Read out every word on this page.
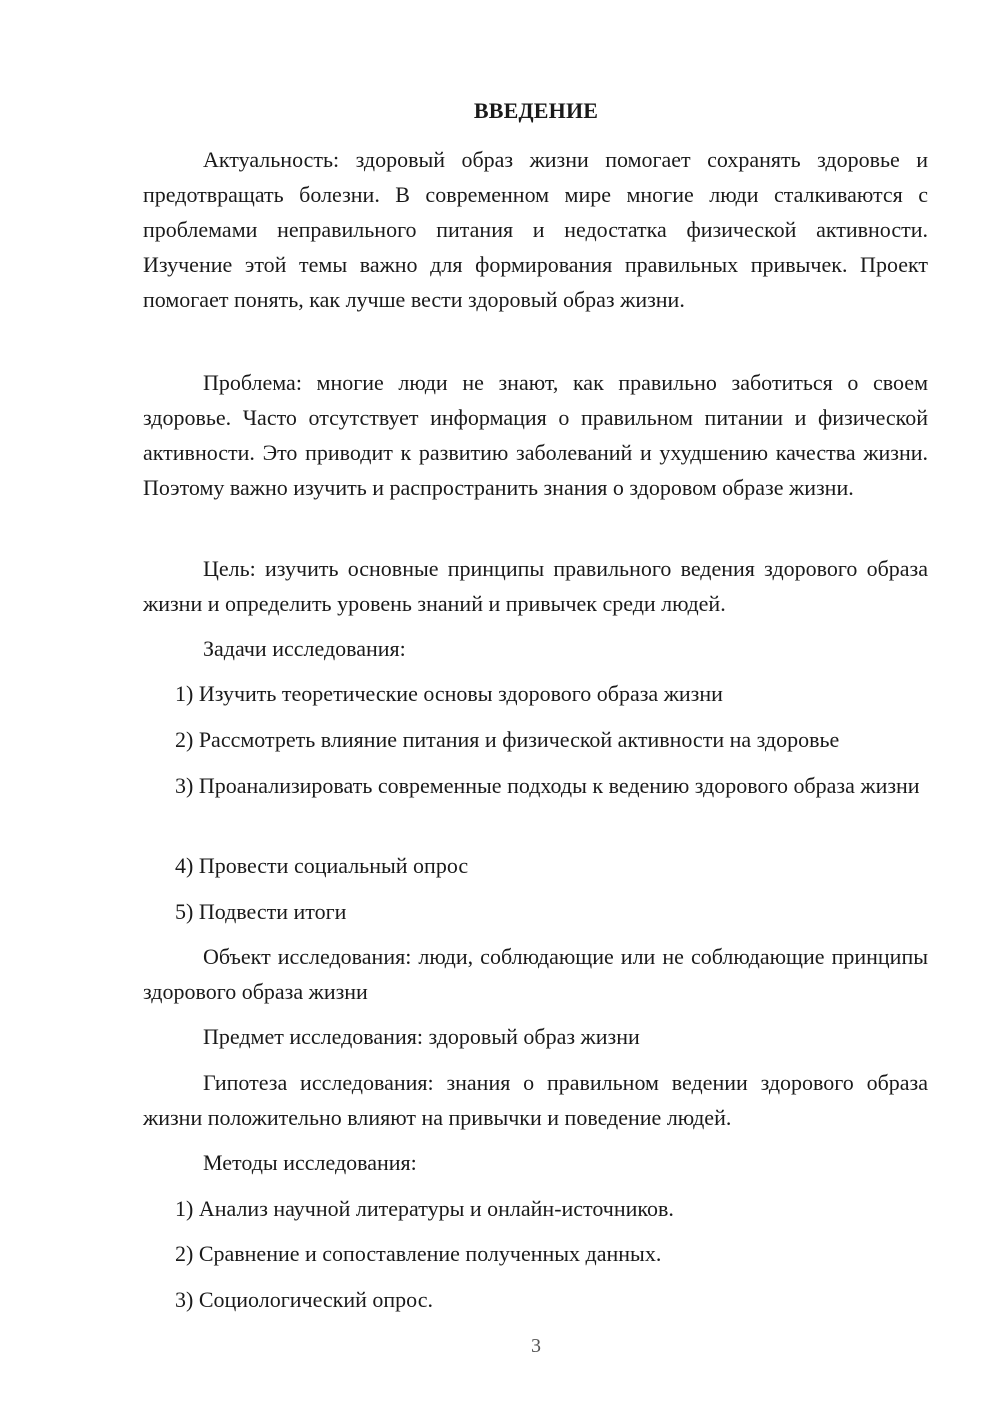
ВВЕДЕНИЕ

Актуальность: здоровый образ жизни помогает сохранять здоровье и предотвращать болезни. В современном мире многие люди сталкиваются с проблемами неправильного питания и недостатка физической активности. Изучение этой темы важно для формирования правильных привычек. Проект помогает понять, как лучше вести здоровый образ жизни.

Проблема: многие люди не знают, как правильно заботиться о своем здоровье. Часто отсутствует информация о правильном питании и физической активности. Это приводит к развитию заболеваний и ухудшению качества жизни. Поэтому важно изучить и распространить знания о здоровом образе жизни.

Цель: изучить основные принципы правильного ведения здорового образа жизни и определить уровень знаний и привычек среди людей.

Задачи исследования:

1) Изучить теоретические основы здорового образа жизни

2) Рассмотреть влияние питания и физической активности на здоровье

3) Проанализировать современные подходы к ведению здорового образа жизни

4) Провести социальный опрос

5) Подвести итоги

Объект исследования: люди, соблюдающие или не соблюдающие принципы здорового образа жизни

Предмет исследования: здоровый образ жизни

Гипотеза исследования: знания о правильном ведении здорового образа жизни положительно влияют на привычки и поведение людей.

Методы исследования:

1) Анализ научной литературы и онлайн-источников.

2) Сравнение и сопоставление полученных данных.

3) Социологический опрос.

3
